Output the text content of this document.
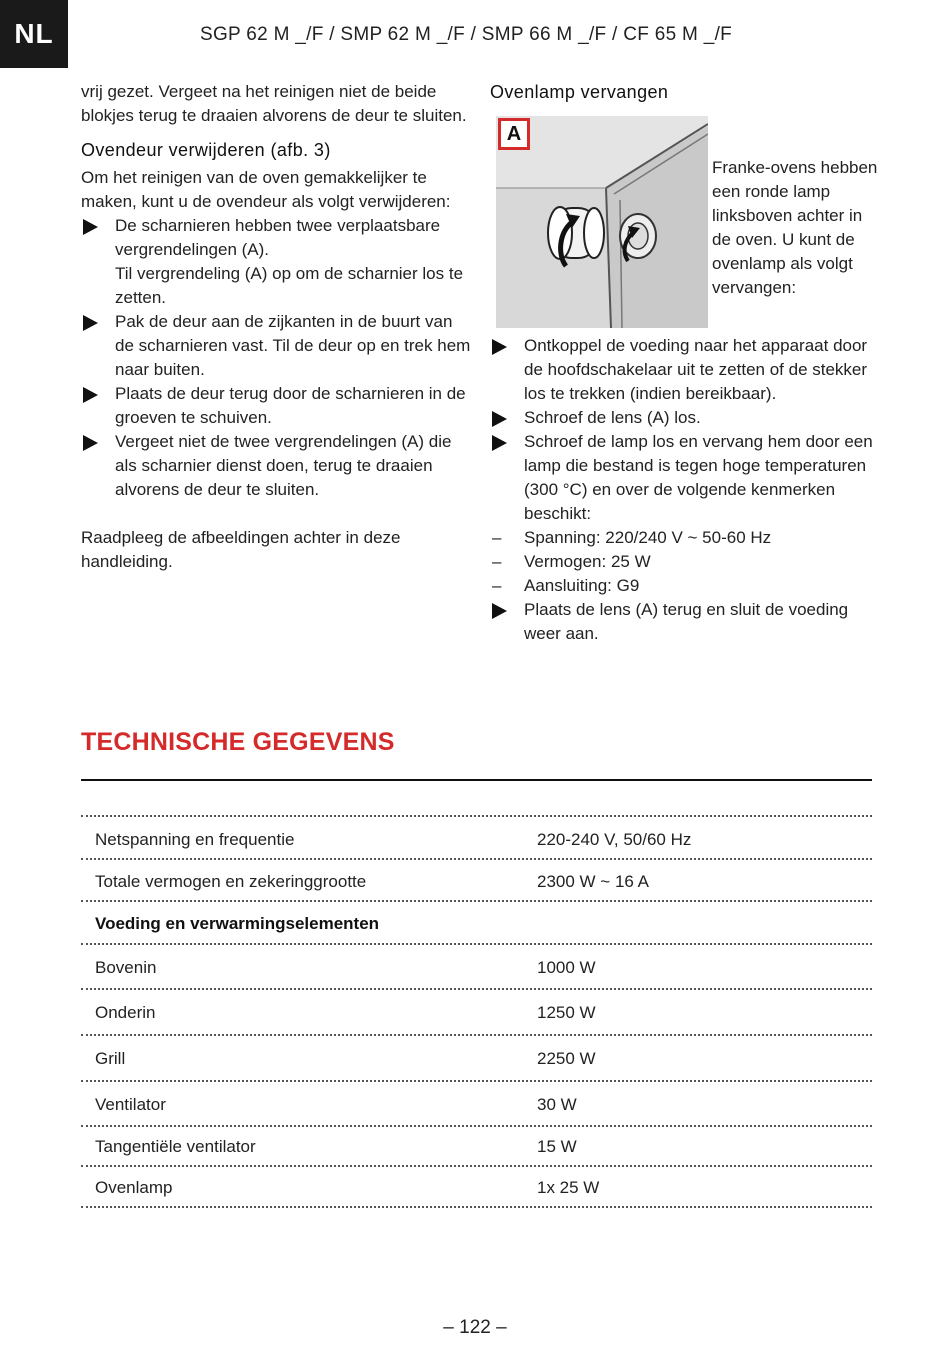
NL	SGP 62 M _/F / SMP 62 M _/F / SMP 66 M _/F / CF 65 M _/F

vrij gezet. Vergeet na het reinigen niet de beide blokjes terug te draaien alvorens de deur te sluiten.

Ovendeur verwijderen (afb. 3)

Om het reinigen van de oven gemakkelijker te maken, kunt u de ovendeur als volgt verwijderen:

De scharnieren hebben twee verplaatsbare vergrendelingen (A).
Til vergrendeling (A) op om de scharnier los te zetten.
Pak de deur aan de zijkanten in de buurt van de scharnieren vast. Til de deur op en trek hem naar buiten.
Plaats de deur terug door de scharnieren in de groeven te schuiven.
Vergeet niet de twee vergrendelingen (A) die als scharnier dienst doen, terug te draaien alvorens de deur te sluiten.

Raadpleeg de afbeeldingen achter in deze handleiding.

Ovenlamp vervangen
A

Franke-ovens hebben een ronde lamp linksboven achter in de oven. U kunt de ovenlamp als volgt vervangen:

Ontkoppel de voeding naar het apparaat door de hoofdschakelaar uit te zetten of de stekker los te trekken (indien bereikbaar).
Schroef de lens (A) los.
Schroef de lamp los en vervang hem door een lamp die bestand is tegen hoge temperaturen (300 °C) en over de volgende kenmerken beschikt:
– Spanning: 220/240 V ~ 50-60 Hz
– Vermogen: 25 W
– Aansluiting: G9
Plaats de lens (A) terug en sluit de voeding weer aan.
TECHNISCHE GEGEVENS
Netspanning en frequentie	220-240 V, 50/60 Hz
Totale vermogen en zekeringgrootte	2300 W ~ 16 A
Voeding en verwarmingselementen
Bovenin	1000 W
Onderin	1250 W
Grill	2250 W
Ventilator	30 W
Tangentiële ventilator	15 W
Ovenlamp	1x 25 W
– 122 –
